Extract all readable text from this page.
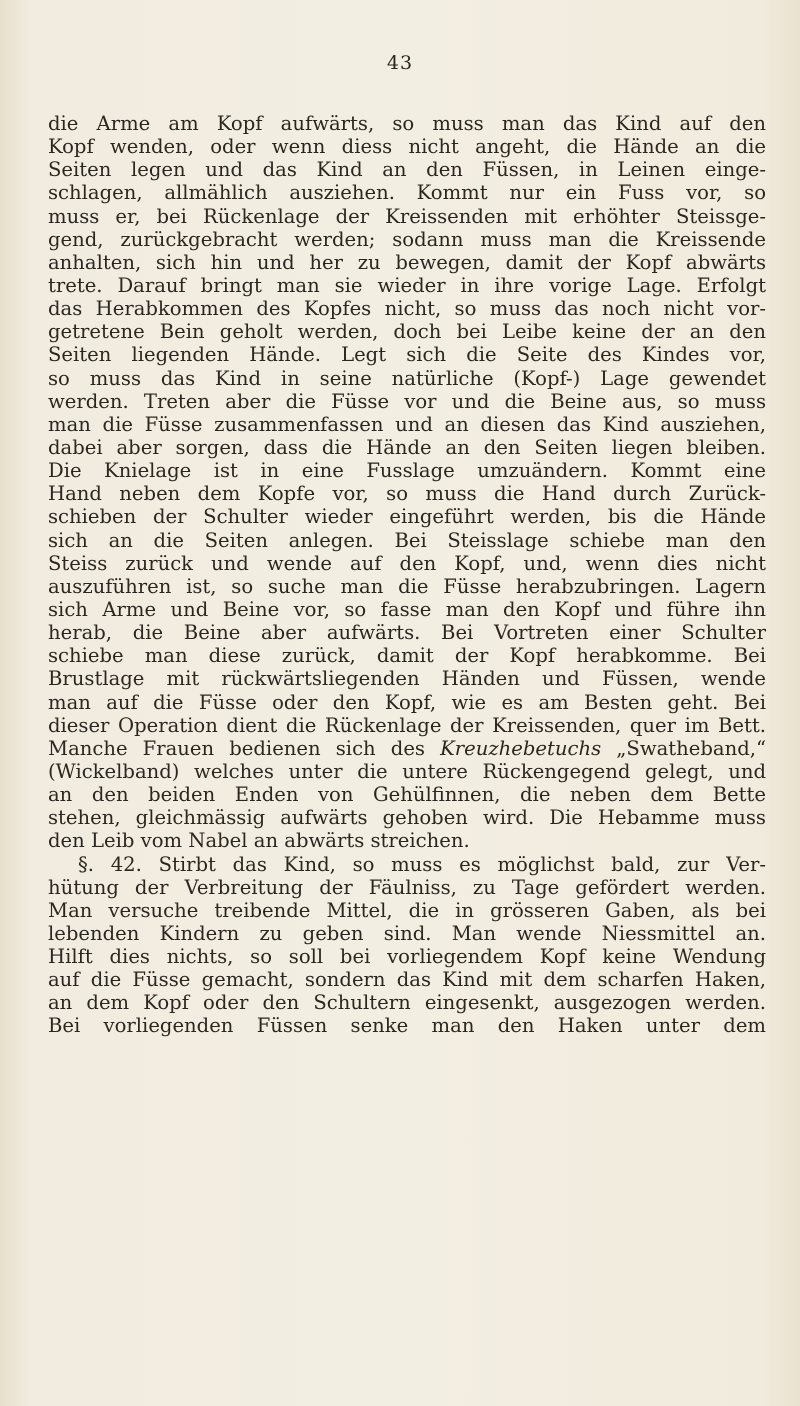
43
die Arme am Kopf aufwärts, so muss man das Kind auf den
Kopf wenden, oder wenn diess nicht angeht, die Hände an die
Seiten legen und das Kind an den Füssen, in Leinen einge-
schlagen, allmählich ausziehen. Kommt nur ein Fuss vor, so
muss er, bei Rückenlage der Kreissenden mit erhöhter Steissge-
gend, zurückgebracht werden; sodann muss man die Kreissende
anhalten, sich hin und her zu bewegen, damit der Kopf abwärts
trete. Darauf bringt man sie wieder in ihre vorige Lage. Erfolgt
das Herabkommen des Kopfes nicht, so muss das noch nicht vor-
getretene Bein geholt werden, doch bei Leibe keine der an den
Seiten liegenden Hände. Legt sich die Seite des Kindes vor,
so muss das Kind in seine natürliche (Kopf-) Lage gewendet
werden. Treten aber die Füsse vor und die Beine aus, so muss
man die Füsse zusammenfassen und an diesen das Kind ausziehen,
dabei aber sorgen, dass die Hände an den Seiten liegen bleiben.
Die Knielage ist in eine Fusslage umzuändern. Kommt eine
Hand neben dem Kopfe vor, so muss die Hand durch Zurück-
schieben der Schulter wieder eingeführt werden, bis die Hände
sich an die Seiten anlegen. Bei Steisslage schiebe man den
Steiss zurück und wende auf den Kopf, und, wenn dies nicht
auszuführen ist, so suche man die Füsse herabzubringen. Lagern
sich Arme und Beine vor, so fasse man den Kopf und führe ihn
herab, die Beine aber aufwärts. Bei Vortreten einer Schulter
schiebe man diese zurück, damit der Kopf herabkomme. Bei
Brustlage mit rückwärtsliegenden Händen und Füssen, wende
man auf die Füsse oder den Kopf, wie es am Besten geht. Bei
dieser Operation dient die Rückenlage der Kreissenden, quer im Bett.
Manche Frauen bedienen sich des Kreuzhebetuchs „Swatheband,“
(Wickelband) welches unter die untere Rückengegend gelegt, und
an den beiden Enden von Gehülfinnen, die neben dem Bette
stehen, gleichmässig aufwärts gehoben wird. Die Hebamme muss
den Leib vom Nabel an abwärts streichen.
§. 42. Stirbt das Kind, so muss es möglichst bald, zur Ver-
hütung der Verbreitung der Fäulniss, zu Tage gefördert werden.
Man versuche treibende Mittel, die in grösseren Gaben, als bei
lebenden Kindern zu geben sind. Man wende Niessmittel an.
Hilft dies nichts, so soll bei vorliegendem Kopf keine Wendung
auf die Füsse gemacht, sondern das Kind mit dem scharfen Haken,
an dem Kopf oder den Schultern eingesenkt, ausgezogen werden.
Bei vorliegenden Füssen senke man den Haken unter dem
